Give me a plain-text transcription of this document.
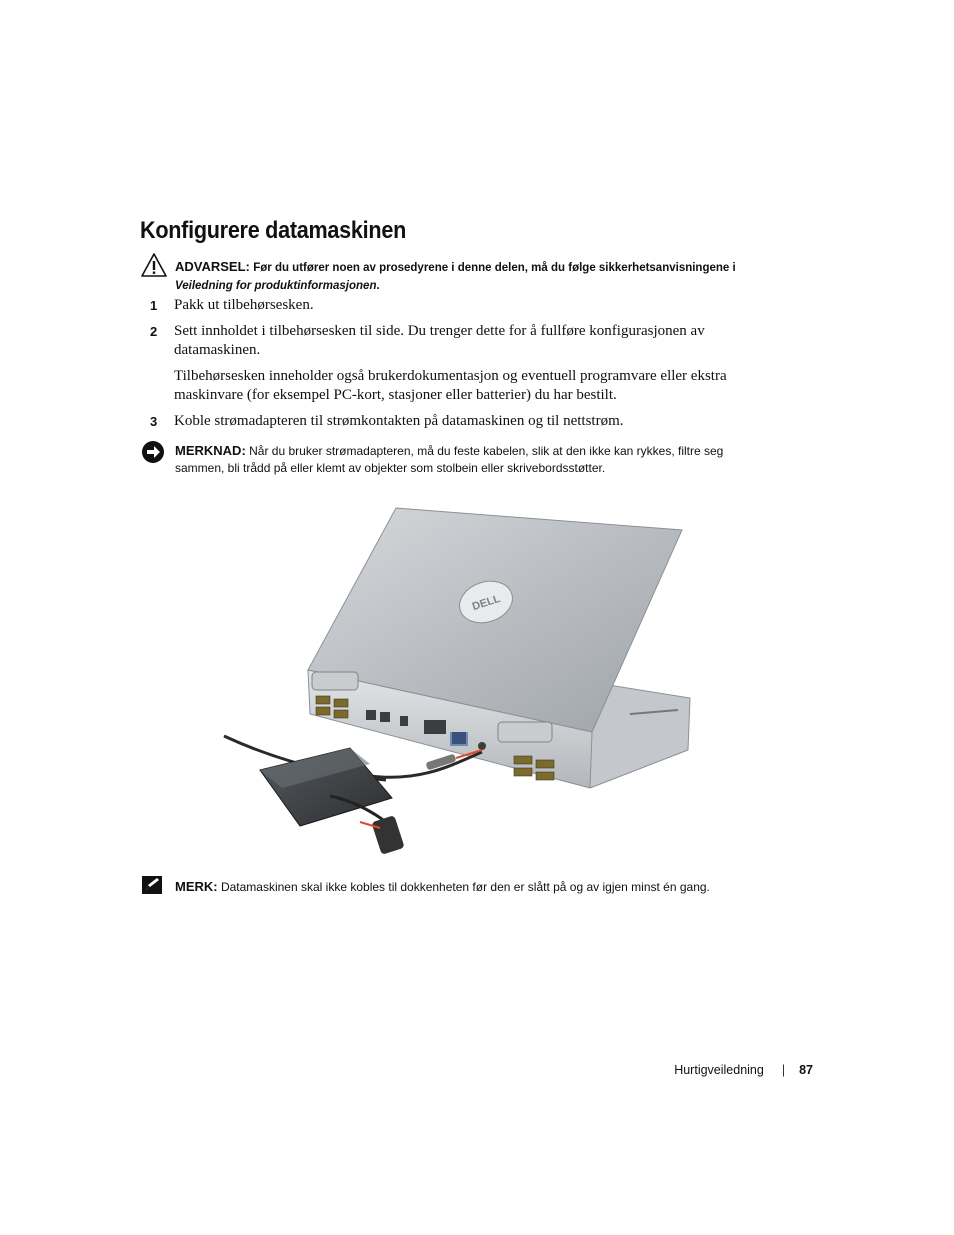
Konfigurere datamaskinen
ADVARSEL: Før du utfører noen av prosedyrene i denne delen, må du følge sikkerhetsanvisningene i
Veiledning for produktinformasjonen.
1 Pakk ut tilbehørsesken.

2 Sett innholdet i tilbehørsesken til side. Du trenger dette for å fullføre konfigurasjonen av datamaskinen.

Tilbehørsesken inneholder også brukerdokumentasjon og eventuell programvare eller ekstra maskinvare (for eksempel PC-kort, stasjoner eller batterier) du har bestilt.

3 Koble strømadapteren til strømkontakten på datamaskinen og til nettstrøm.

MERKNAD: Når du bruker strømadapteren, må du feste kabelen, slik at den ikke kan rykkes, filtre seg sammen, bli trådd på eller klemt av objekter som stolbein eller skrivebordsstøtter.
DELL
MERK: Datamaskinen skal ikke kobles til dokkenheten før den er slått på og av igjen minst én gang.
Hurtigveiledning | 87
